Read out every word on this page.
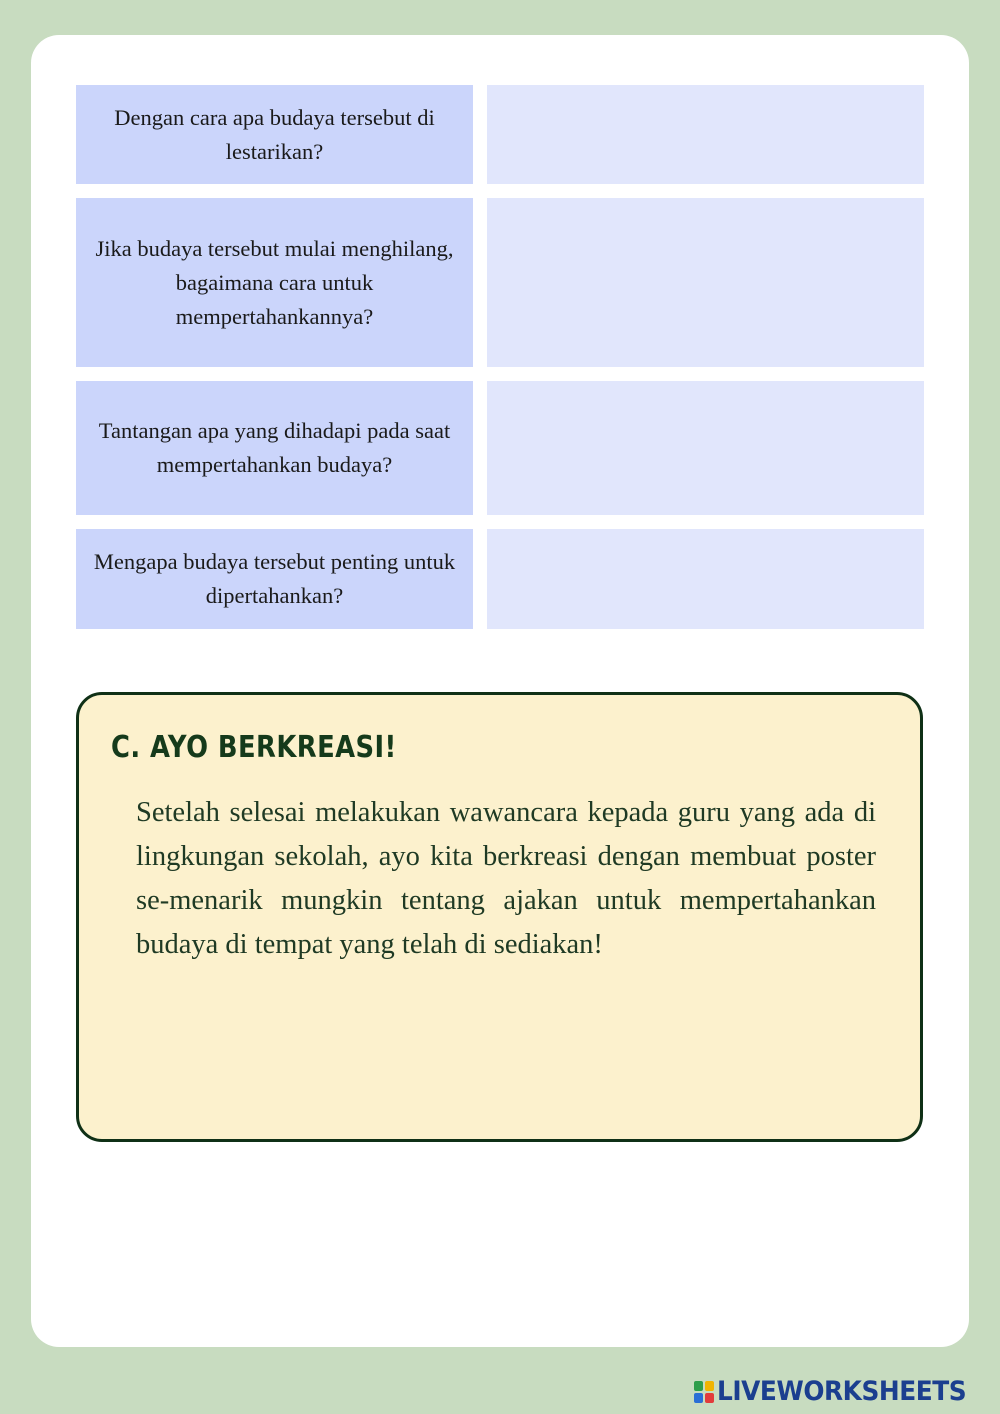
Dengan cara apa budaya tersebut di lestarikan?
Jika budaya tersebut mulai menghilang, bagaimana cara untuk mempertahankannya?
Tantangan apa yang dihadapi pada saat mempertahankan budaya?
Mengapa budaya tersebut penting untuk dipertahankan?
C. AYO BERKREASI!
Setelah selesai melakukan wawancara kepada guru yang ada di lingkungan sekolah, ayo kita berkreasi dengan membuat poster se-menarik mungkin tentang ajakan untuk mempertahankan budaya di tempat yang telah di sediakan!
LIVEWORKSHEETS
